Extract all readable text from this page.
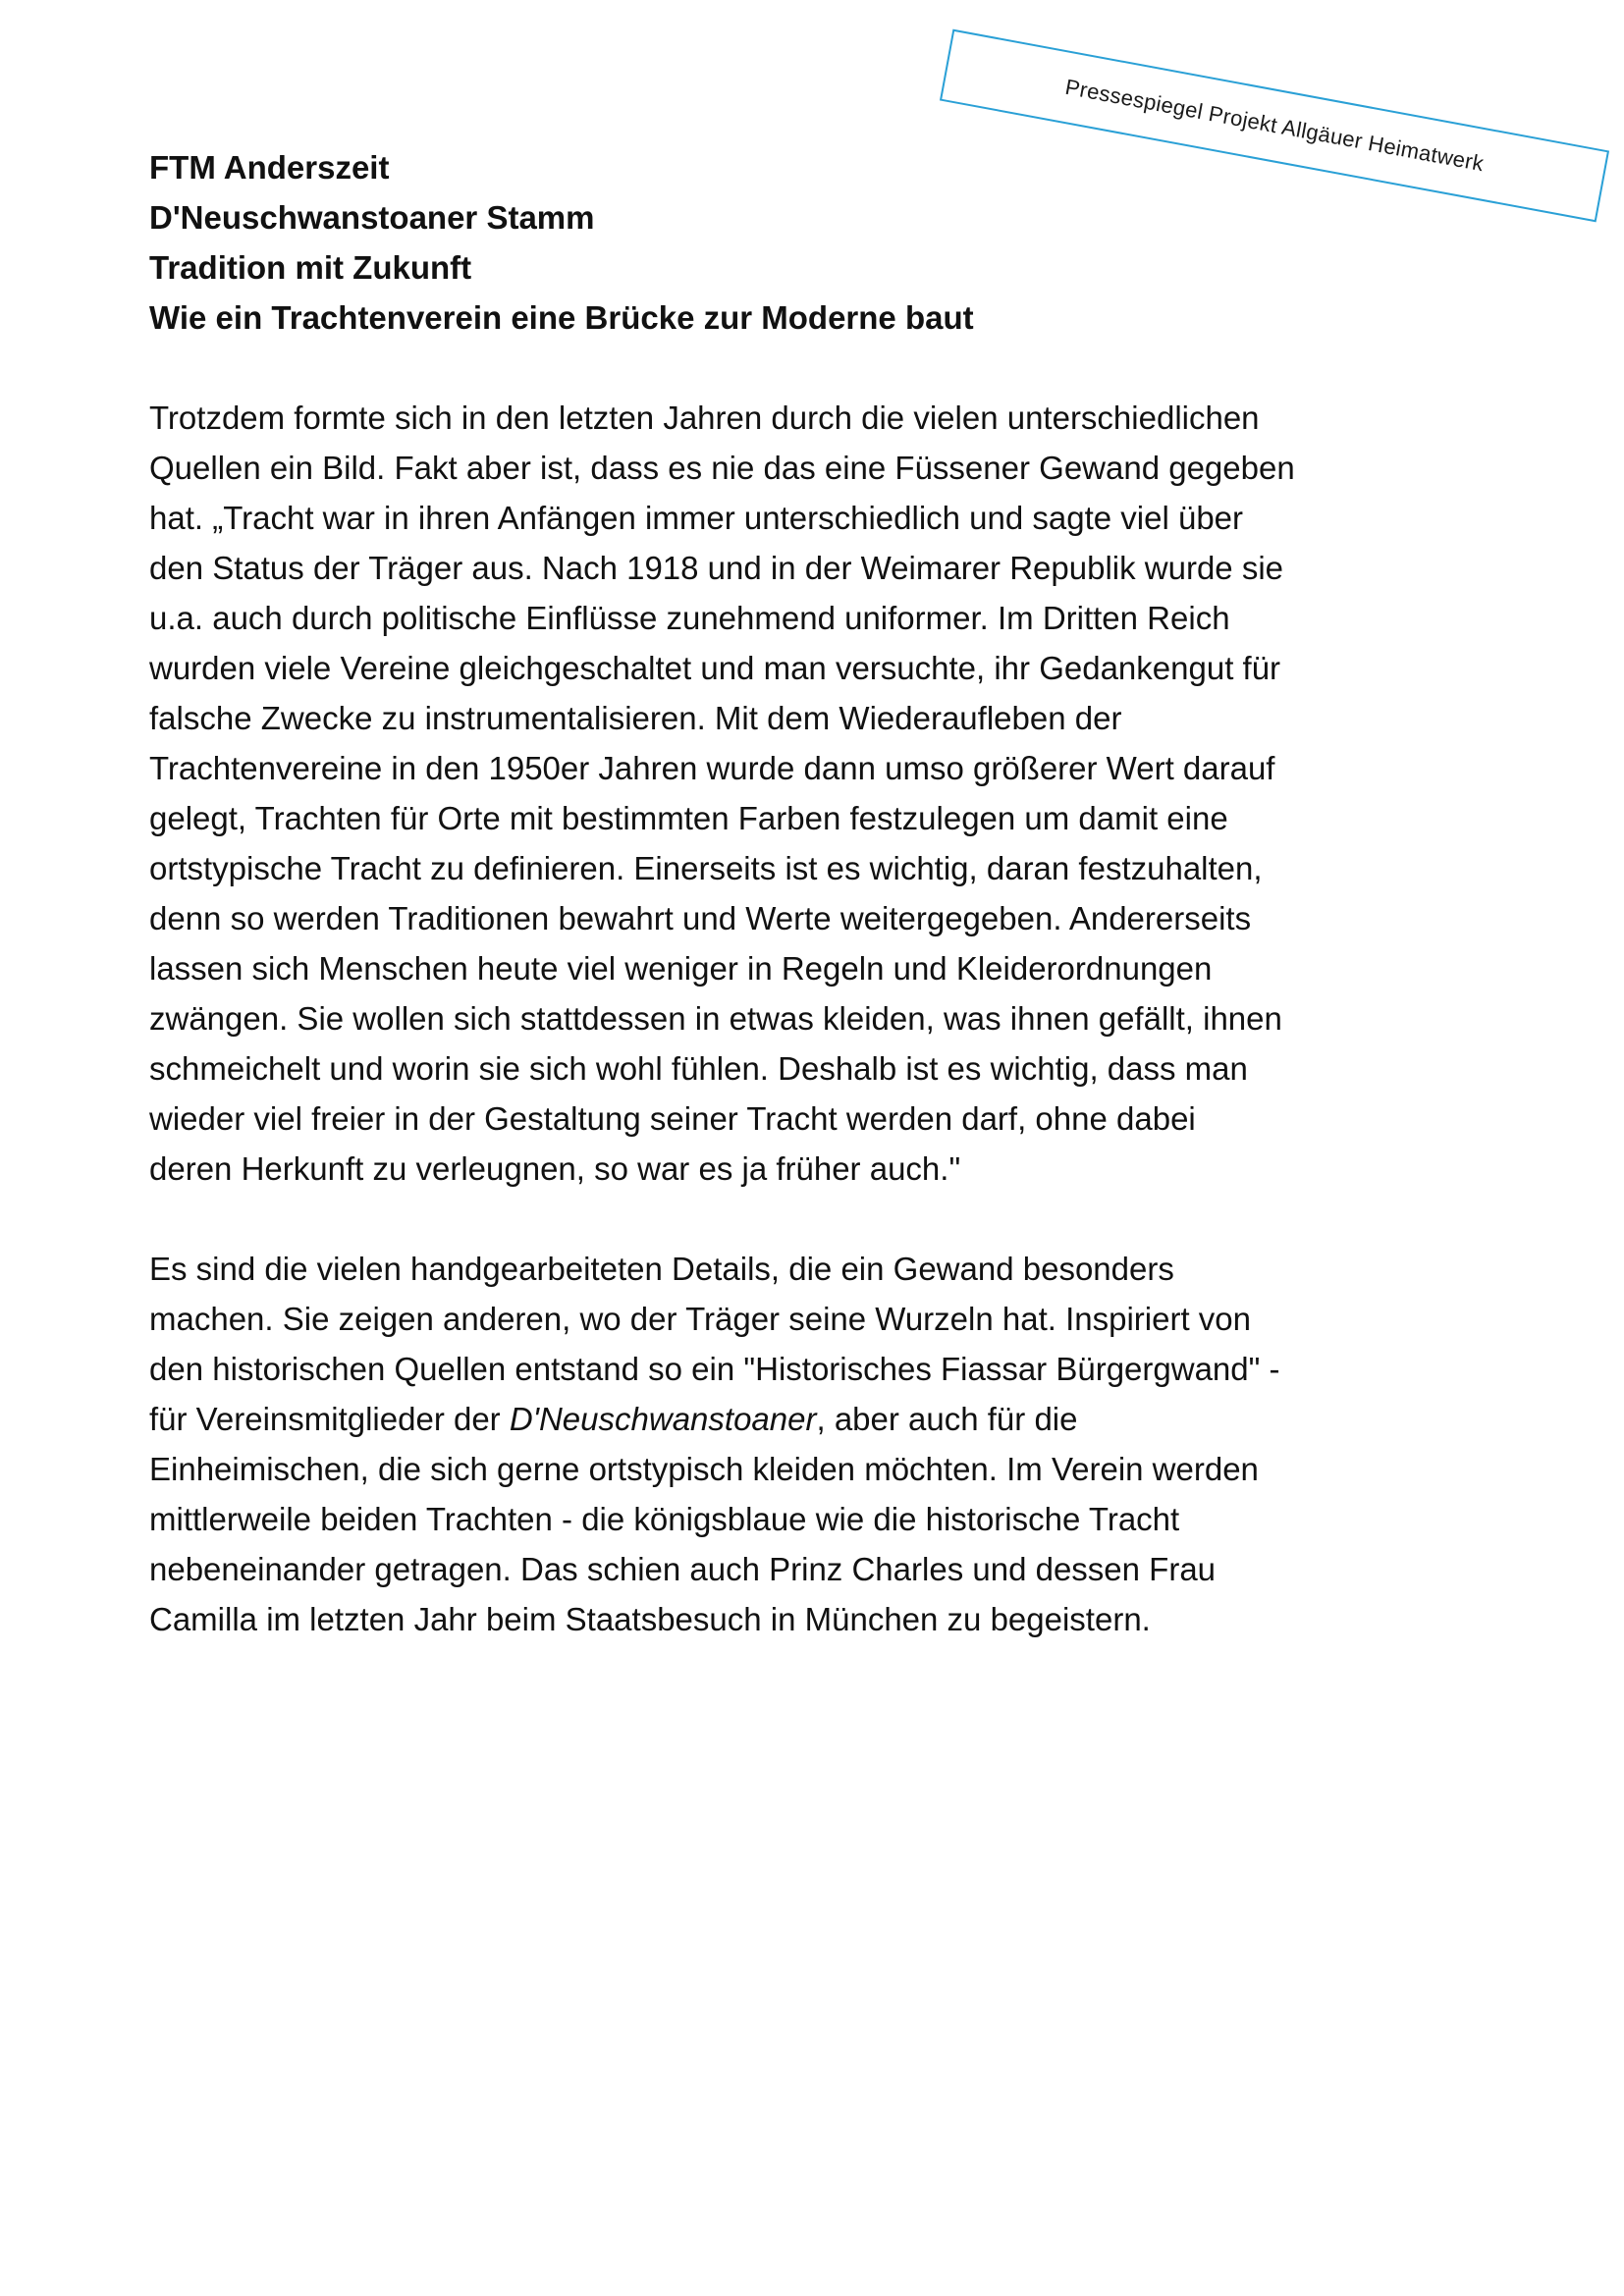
Pressespiegel Projekt Allgäuer Heimatwerk

FTM Anderszeit

D'Neuschwanstoaner Stamm

Tradition mit Zukunft

Wie ein Trachtenverein eine Brücke zur Moderne baut

Trotzdem formte sich in den letzten Jahren durch die vielen unterschiedlichen

Quellen ein Bild. Fakt aber ist, dass es nie das eine Füssener Gewand gegeben

hat. „Tracht war in ihren Anfängen immer unterschiedlich und sagte viel über

den Status der Träger aus. Nach 1918 und in der Weimarer Republik wurde sie

u.a. auch durch politische Einflüsse zunehmend uniformer. Im Dritten Reich

wurden viele Vereine gleichgeschaltet und man versuchte, ihr Gedankengut für

falsche Zwecke zu instrumentalisieren. Mit dem Wiederaufleben der

Trachtenvereine in den 1950er Jahren wurde dann umso größerer Wert darauf

gelegt, Trachten für Orte mit bestimmten Farben festzulegen um damit eine

ortstypische Tracht zu definieren. Einerseits ist es wichtig, daran festzuhalten,

denn so werden Traditionen bewahrt und Werte weitergegeben. Andererseits

lassen sich Menschen heute viel weniger in Regeln und Kleiderordnungen

zwängen. Sie wollen sich stattdessen in etwas kleiden, was ihnen gefällt, ihnen

schmeichelt und worin sie sich wohl fühlen. Deshalb ist es wichtig, dass man

wieder viel freier in der Gestaltung seiner Tracht werden darf, ohne dabei

deren Herkunft zu verleugnen, so war es ja früher auch."

Es sind die vielen handgearbeiteten Details, die ein Gewand besonders

machen. Sie zeigen anderen, wo der Träger seine Wurzeln hat. Inspiriert von

den historischen Quellen entstand so ein "Historisches Fiassar Bürgergwand" -

für Vereinsmitglieder der D'Neuschwanstoaner, aber auch für die

Einheimischen, die sich gerne ortstypisch kleiden möchten. Im Verein werden

mittlerweile beiden Trachten - die königsblaue wie die historische Tracht

nebeneinander getragen. Das schien auch Prinz Charles und dessen Frau

Camilla im letzten Jahr beim Staatsbesuch in München zu begeistern.
